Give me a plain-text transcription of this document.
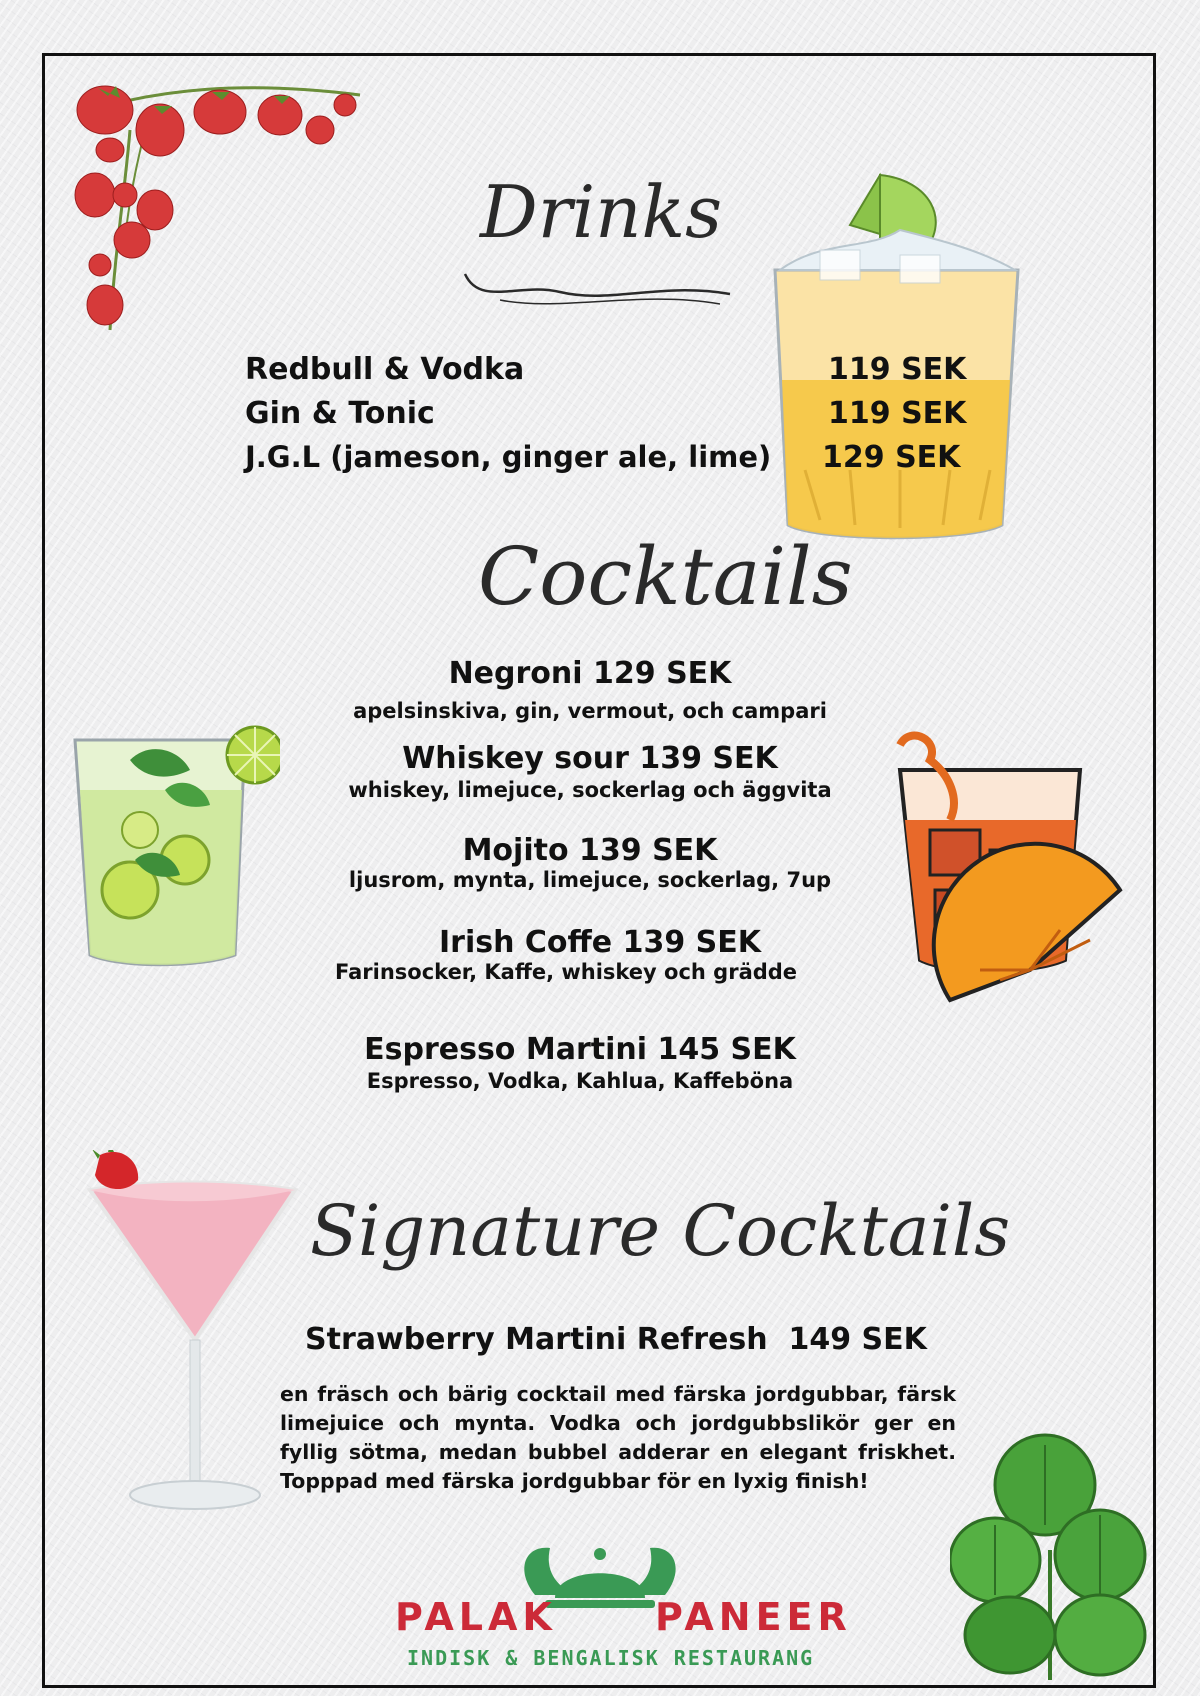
Drinks
Redbull & Vodka	119 SEK
Gin & Tonic	119 SEK
J.G.L (jameson, ginger ale, lime) 129 SEK
Cocktails
Negroni 129 SEK
apelsinskiva, gin, vermout, och campari
Whiskey sour 139 SEK
whiskey, limejuce, sockerlag och äggvita
Mojito 139 SEK
ljusrom, mynta, limejuce, sockerlag, 7up
Irish Coffe 139 SEK
Farinsocker, Kaffe, whiskey och grädde
Espresso Martini 145 SEK
Espresso, Vodka, Kahlua, Kaffeböna
Signature Cocktails
Strawberry Martini Refresh  149 SEK
en fräsch och bärig cocktail med färska jordgubbar, färsk limejuice och mynta. Vodka och jordgubbslikör ger en fyllig sötma, medan bubbel adderar en elegant friskhet. Topppad med färska jordgubbar för en lyxig finish!
PALAK	PANEER
INDISK & BENGALISK RESTAURANG
